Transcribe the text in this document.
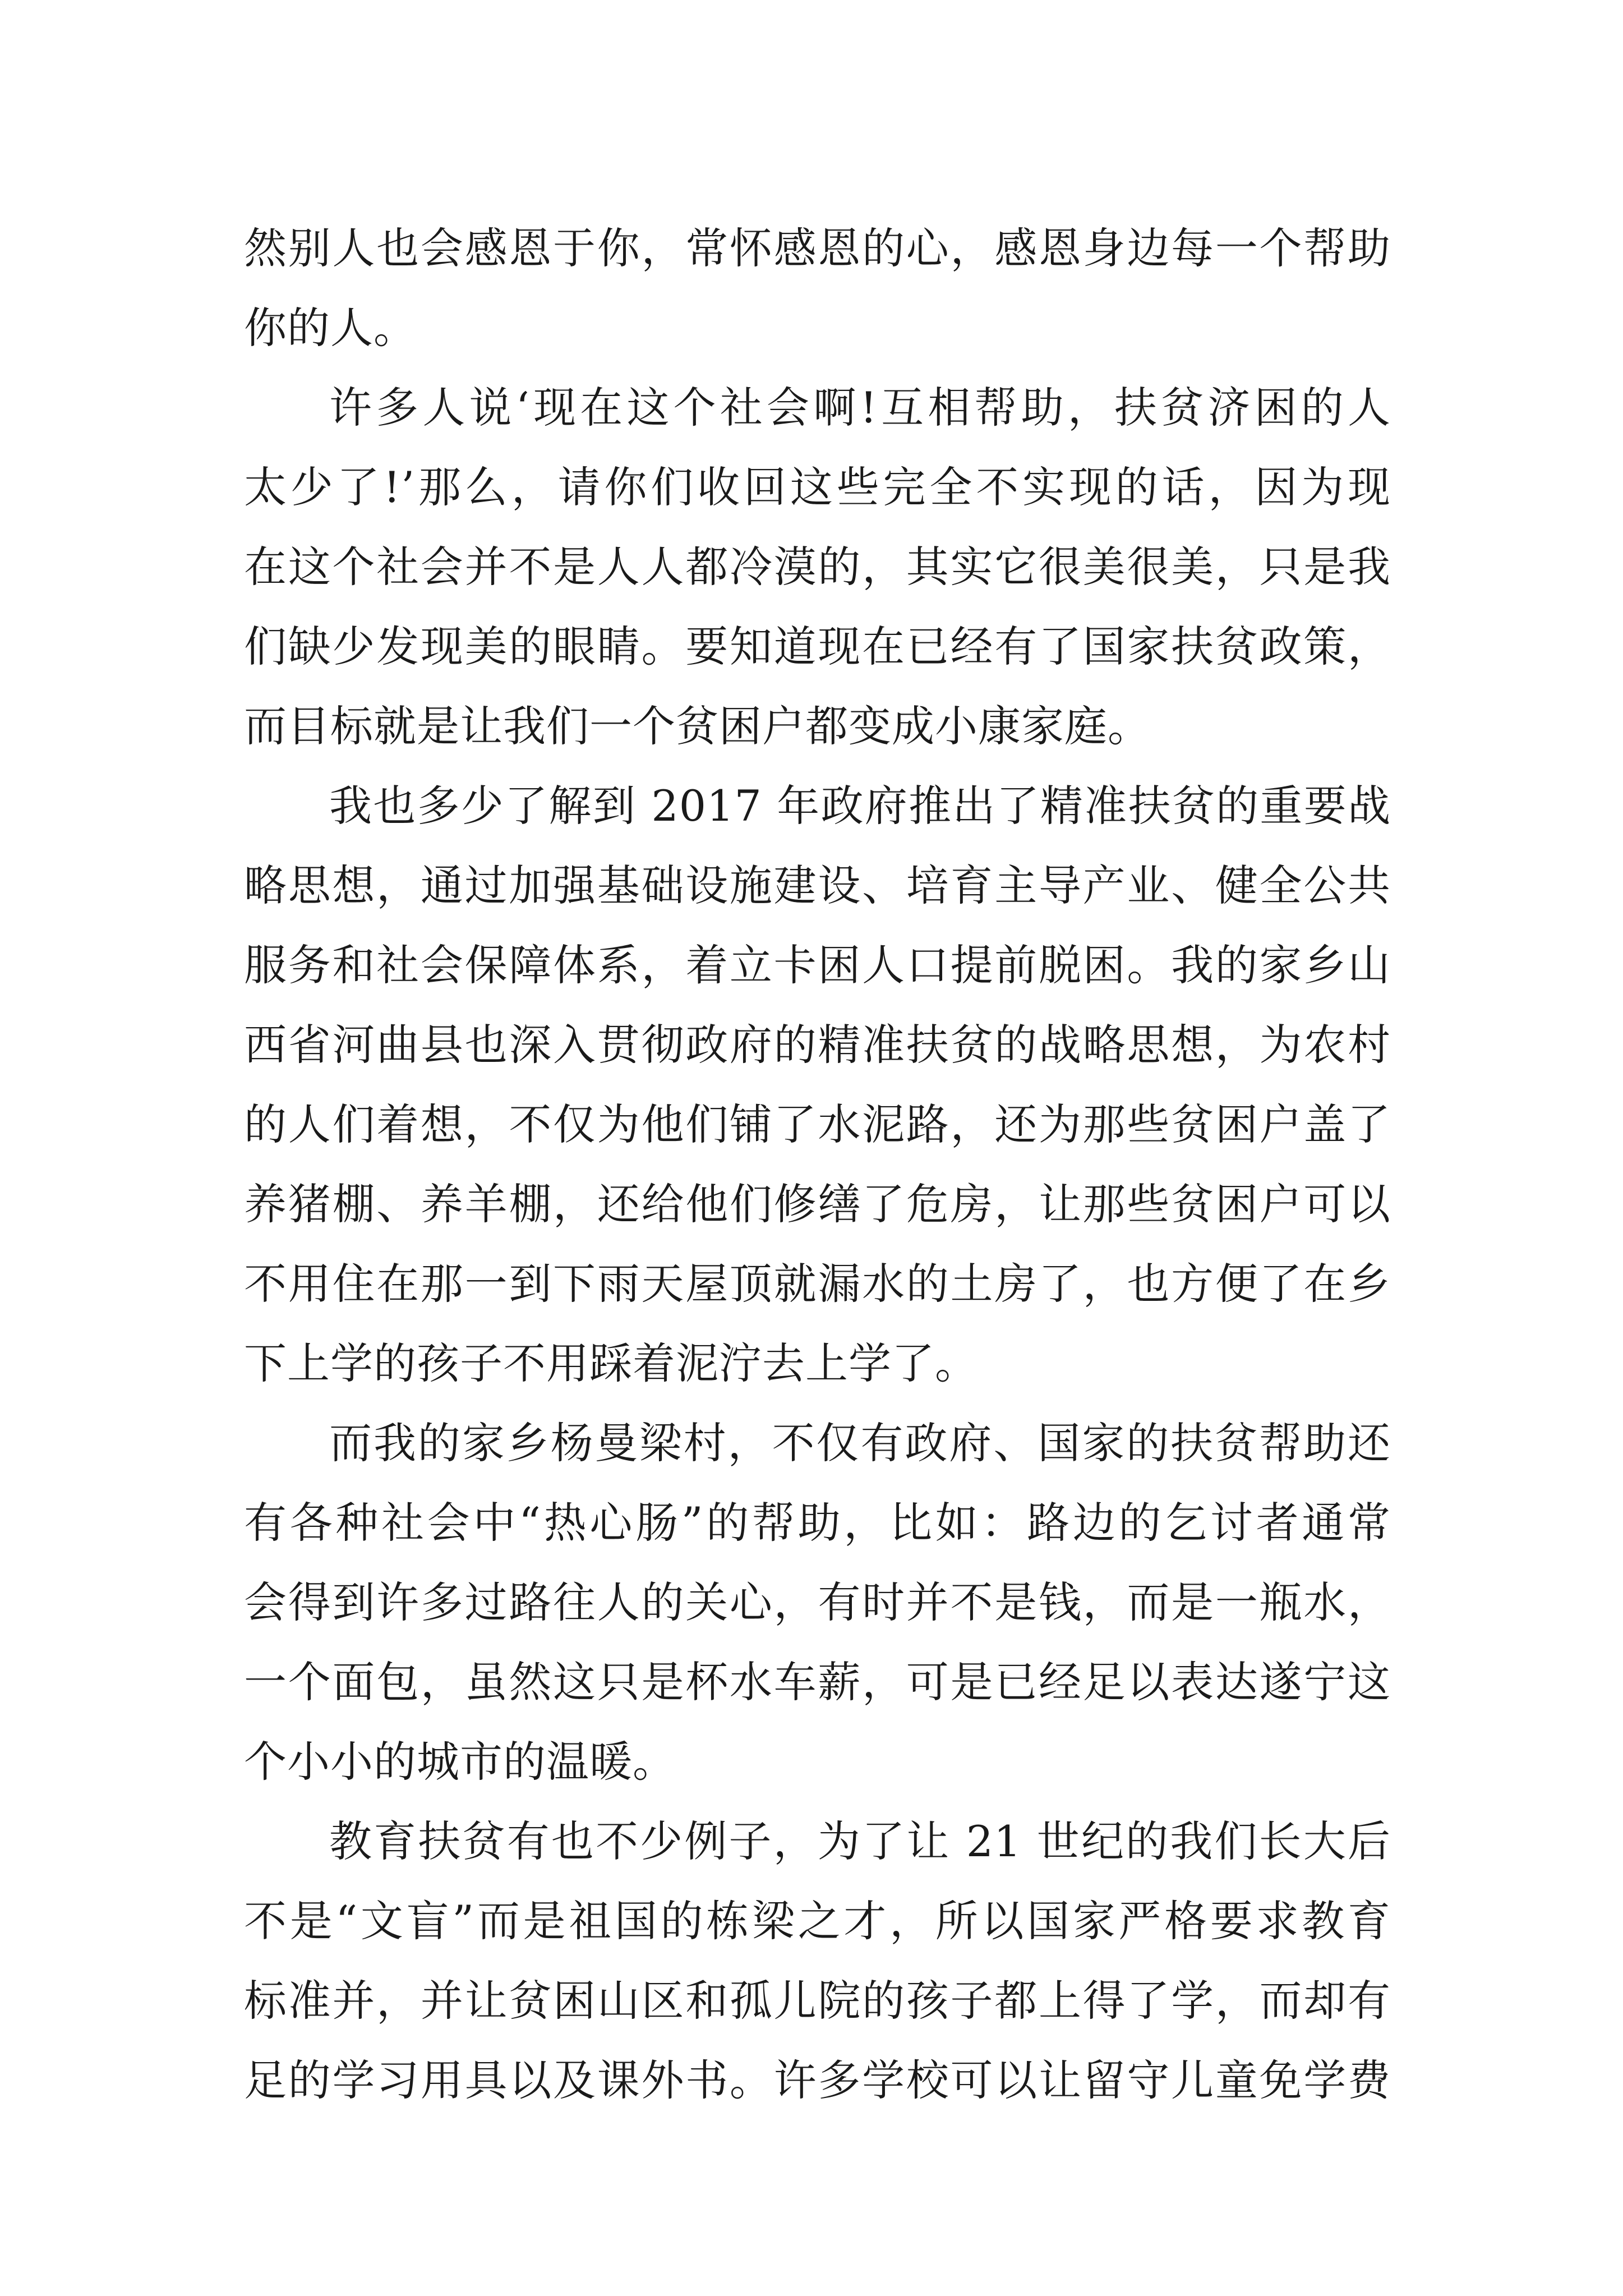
然别人也会感恩于你，常怀感恩的心，感恩身边每一个帮助
你的人。
许多人说‘现在这个社会啊!互相帮助，扶贫济困的人
太少了!’那么，请你们收回这些完全不实现的话，因为现
在这个社会并不是人人都冷漠的，其实它很美很美，只是我
们缺少发现美的眼睛。要知道现在已经有了国家扶贫政策，
而目标就是让我们一个贫困户都变成小康家庭。
我也多少了解到 2017 年政府推出了精准扶贫的重要战
略思想，通过加强基础设施建设、培育主导产业、健全公共
服务和社会保障体系，着立卡困人口提前脱困。我的家乡山
西省河曲县也深入贯彻政府的精准扶贫的战略思想，为农村
的人们着想，不仅为他们铺了水泥路，还为那些贫困户盖了
养猪棚、养羊棚，还给他们修缮了危房，让那些贫困户可以
不用住在那一到下雨天屋顶就漏水的土房了，也方便了在乡
下上学的孩子不用踩着泥泞去上学了。
而我的家乡杨曼梁村，不仅有政府、国家的扶贫帮助还
有各种社会中“热心肠”的帮助，比如：路边的乞讨者通常
会得到许多过路往人的关心，有时并不是钱，而是一瓶水，
一个面包，虽然这只是杯水车薪，可是已经足以表达遂宁这
个小小的城市的温暖。
教育扶贫有也不少例子，为了让 21 世纪的我们长大后
不是“文盲”而是祖国的栋梁之才，所以国家严格要求教育
标准并，并让贫困山区和孤儿院的孩子都上得了学，而却有
足的学习用具以及课外书。许多学校可以让留守儿童免学费
